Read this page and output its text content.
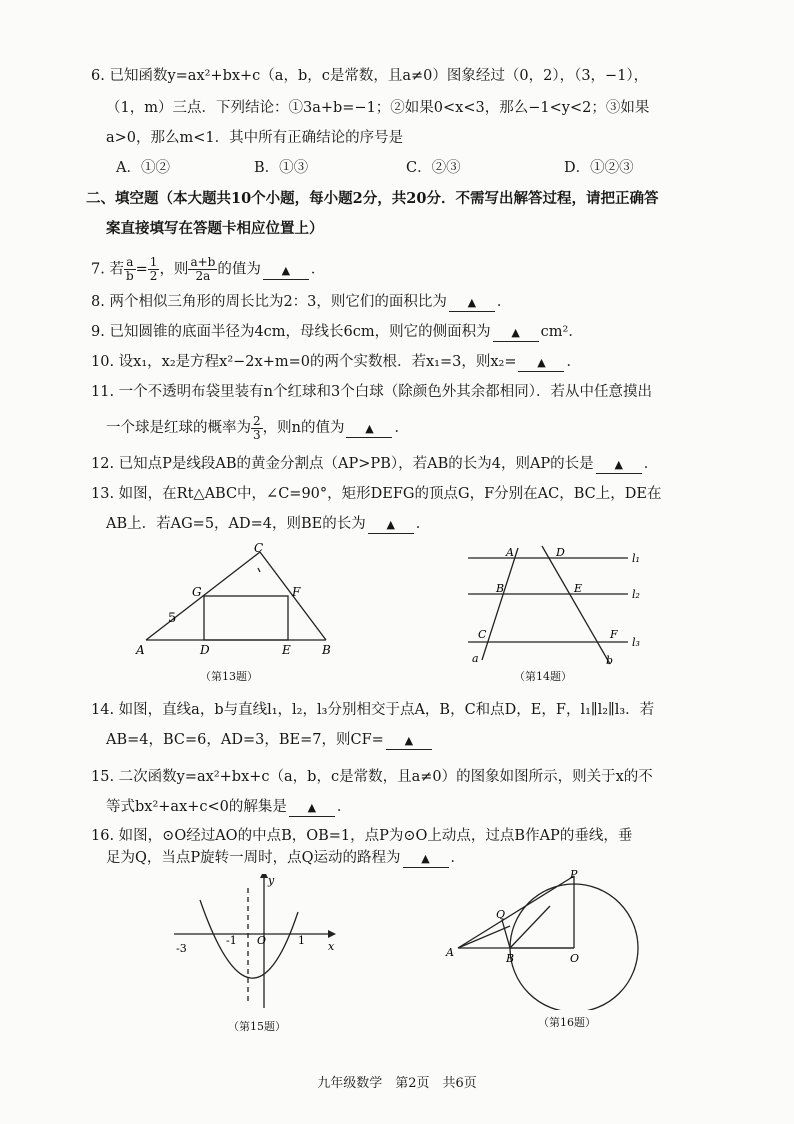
6. 已知函数y=ax²+bx+c（a，b，c是常数，且a≠0）图象经过（0，2），（3，−1），
（1，m）三点．下列结论：①3a+b=−1；②如果0<x<3，那么−1<y<2；③如果
a>0，那么m<1．其中所有正确结论的序号是
A．①②	B．①③	C．②③	D．①②③
二、填空题（本大题共10个小题，每小题2分，共20分．不需写出解答过程，请把正确答
案直接填写在答题卡相应位置上）
7. 若 $\frac{a}{b} = \frac{1}{2}$ ，则 $\frac{a+b}{2a}$ 的值为 ▲ ．
8. 两个相似三角形的周长比为2：3，则它们的面积比为 ▲ ．
9. 已知圆锥的底面半径为4cm，母线长6cm，则它的侧面积为 ▲ cm²．
10. 设x₁，x₂是方程x²−2x+m=0的两个实数根．若x₁=3，则x₂= ▲ ．
11. 一个不透明布袋里装有n个红球和3个白球（除颜色外其余都相同）．若从中任意摸出
一个球是红球的概率为 $\frac{2}{3}$ ，则n的值为 ▲ ．
12. 已知点P是线段AB的黄金分割点（AP>PB），若AB的长为4，则AP的长是 ▲ ．
13. 如图，在Rt△ABC中，∠C=90°，矩形DEFG的顶点G，F分别在AC，BC上，DE在
AB上．若AG=5，AD=4，则BE的长为 ▲ ．
A	B
C
D	E
F
G
5
（第13题）
A
B
C
D
E
F
a	b
l₁
l₂
l₃
（第14题）
14. 如图，直线a，b与直线l₁，l₂，l₃分别相交于点A，B，C和点D，E，F，l₁∥l₂∥l₃．若
AB=4，BC=6，AD=3，BE=7，则CF= ▲
15. 二次函数y=ax²+bx+c（a，b，c是常数，且a≠0）的图象如图所示，则关于x的不
等式bx²+ax+c<0的解集是 ▲ ．
16. 如图，⊙O经过AO的中点B，OB=1，点P为⊙O上动点，过点B作AP的垂线，垂
足为Q，当点P旋转一周时，点Q运动的路程为 ▲ ．
y
x
O
-1	1
-3
（第15题）
P
Q
A	B	O
（第16题）
九年级数学　第2页　共6页
